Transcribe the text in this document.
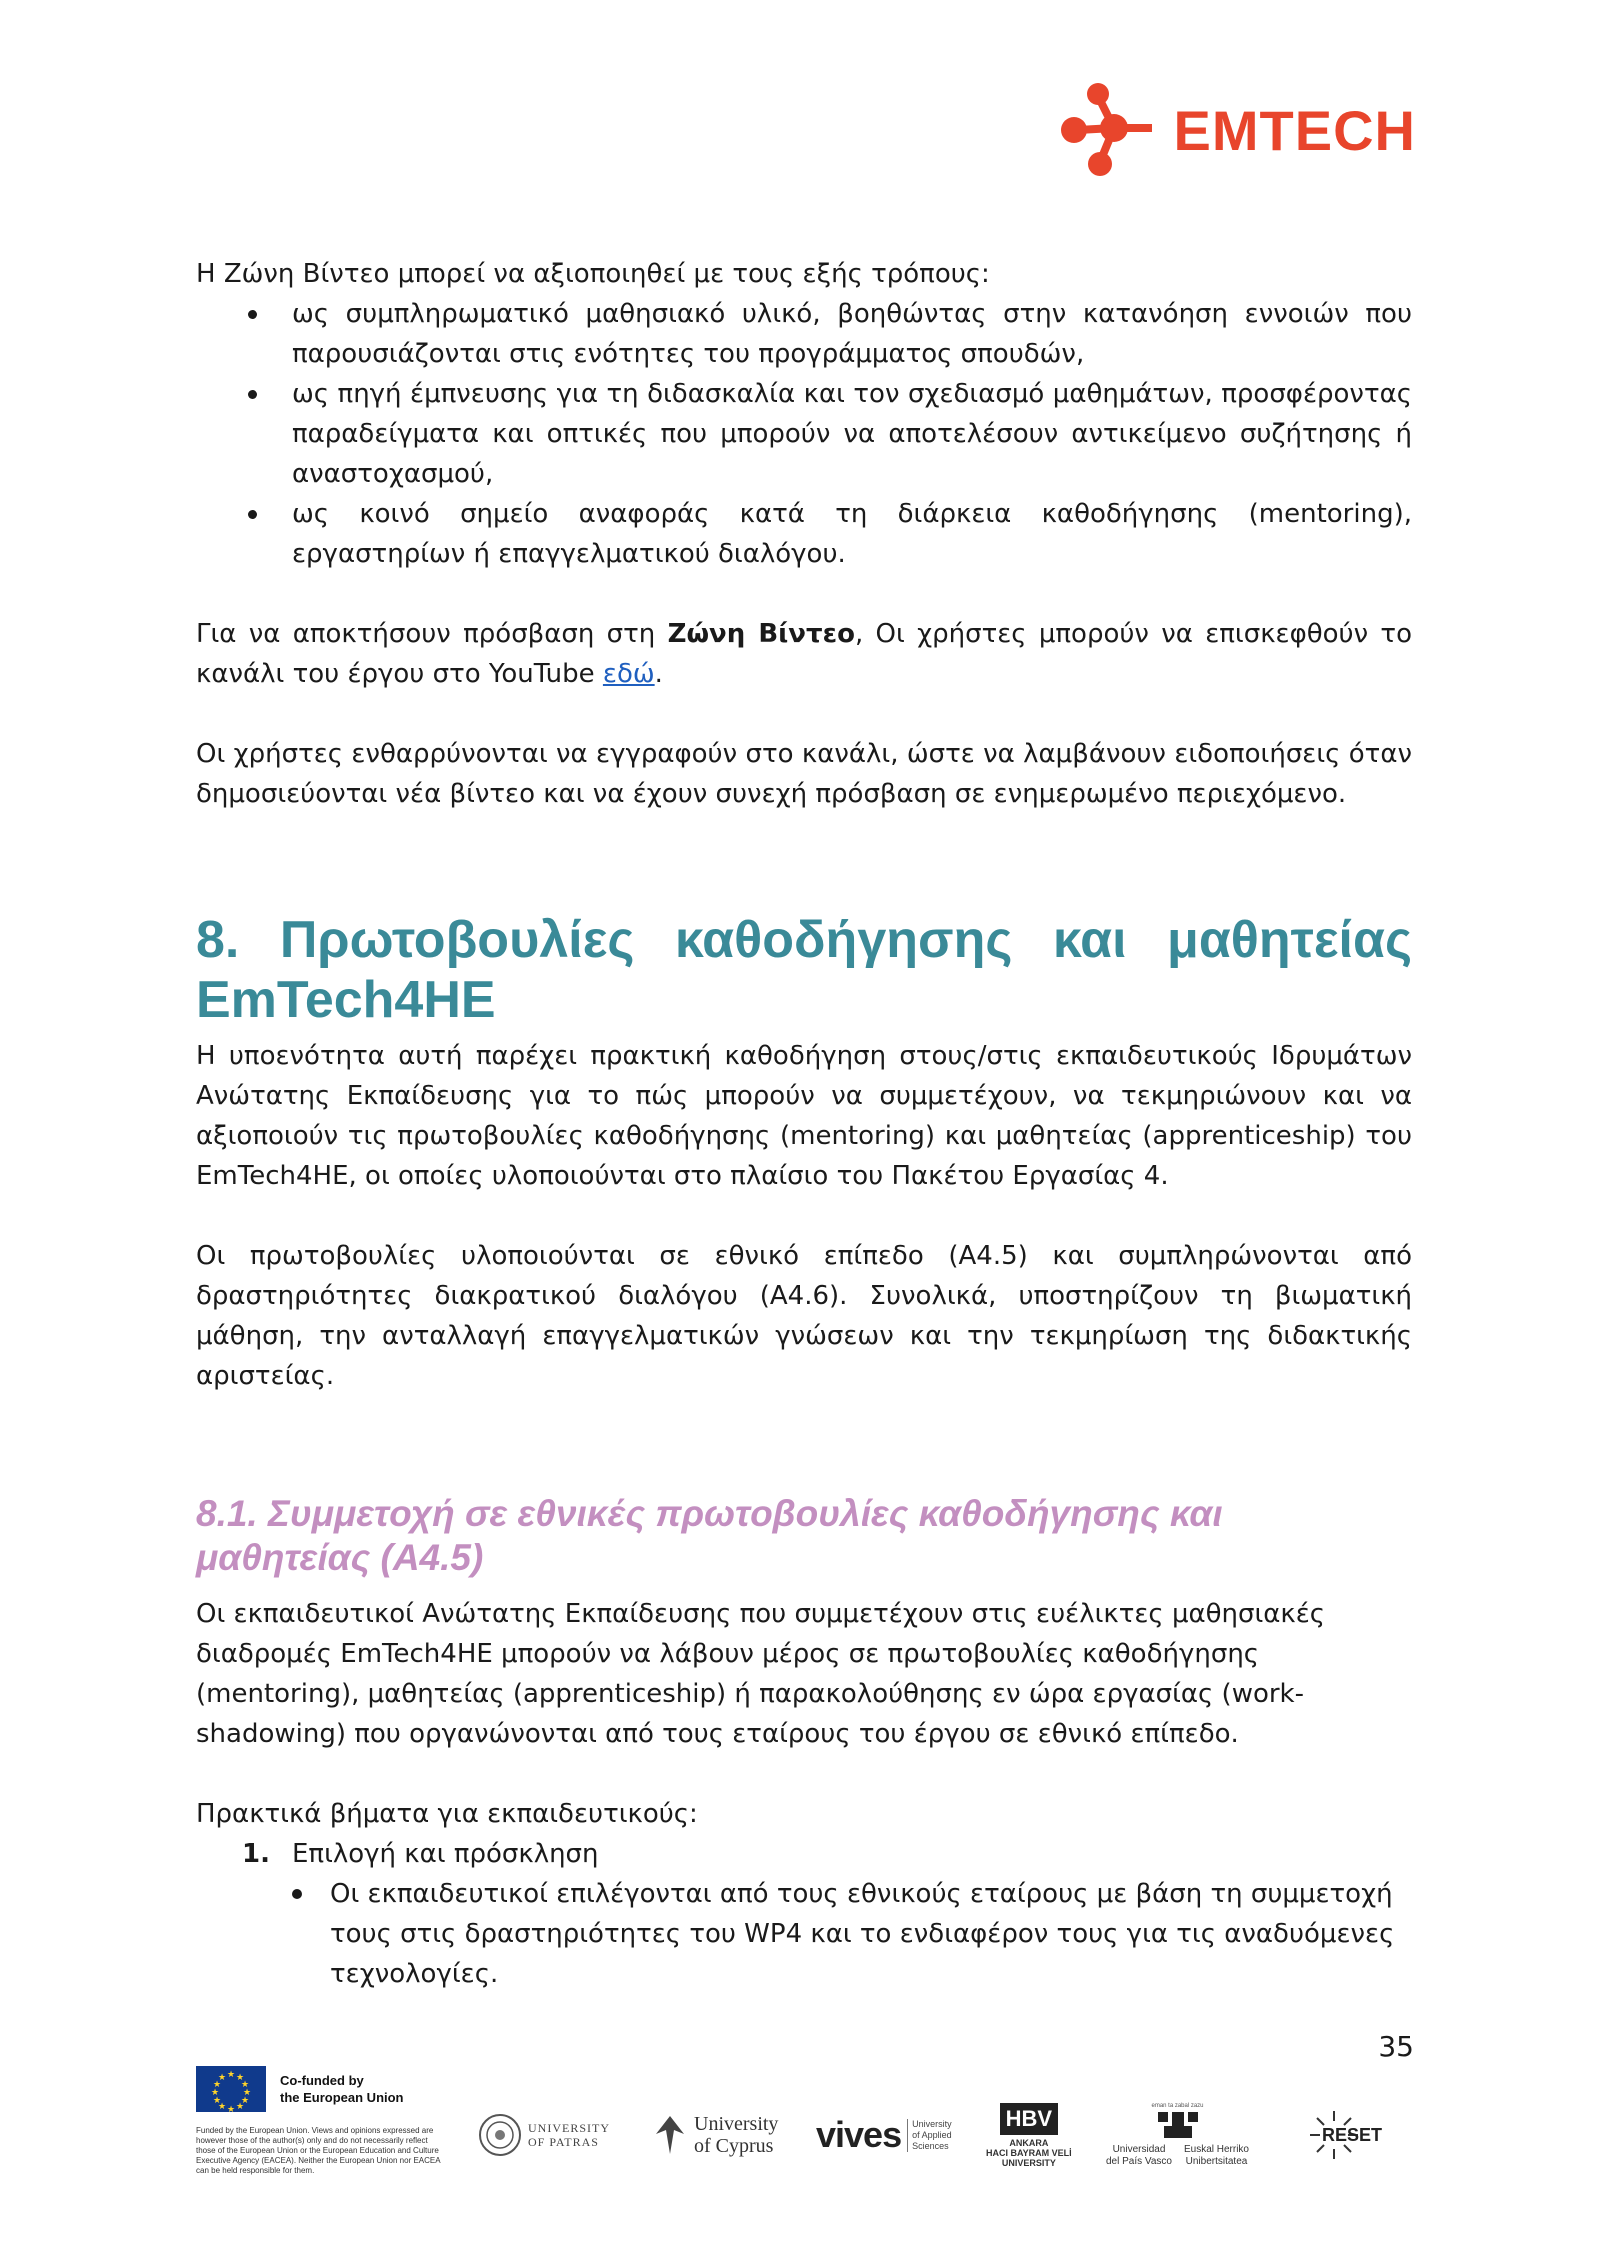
EMTECH

Η Ζώνη Βίντεο μπορεί να αξιοποιηθεί με τους εξής τρόπους:

ως συμπληρωματικό μαθησιακό υλικό, βοηθώντας στην κατανόηση εννοιών που παρουσιάζονται στις ενότητες του προγράμματος σπουδών,
ως πηγή έμπνευσης για τη διδασκαλία και τον σχεδιασμό μαθημάτων, προσφέροντας παραδείγματα και οπτικές που μπορούν να αποτελέσουν αντικείμενο συζήτησης ή αναστοχασμού,
ως κοινό σημείο αναφοράς κατά τη διάρκεια καθοδήγησης (mentoring), εργαστηρίων ή επαγγελματικού διαλόγου.

Για να αποκτήσουν πρόσβαση στη Ζώνη Βίντεο, Οι χρήστες μπορούν να επισκεφθούν το κανάλι του έργου στο YouTube εδώ.

Οι χρήστες ενθαρρύνονται να εγγραφούν στο κανάλι, ώστε να λαμβάνουν ειδοποιήσεις όταν δημοσιεύονται νέα βίντεο και να έχουν συνεχή πρόσβαση σε ενημερωμένο περιεχόμενο.

8. Πρωτοβουλίες καθοδήγησης και μαθητείας
EmTech4HE

Η υποενότητα αυτή παρέχει πρακτική καθοδήγηση στους/στις εκπαιδευτικούς Ιδρυμάτων Ανώτατης Εκπαίδευσης για το πώς μπορούν να συμμετέχουν, να τεκμηριώνουν και να αξιοποιούν τις πρωτοβουλίες καθοδήγησης (mentoring) και μαθητείας (apprenticeship) του EmTech4HE, οι οποίες υλοποιούνται στο πλαίσιο του Πακέτου Εργασίας 4.

Οι πρωτοβουλίες υλοποιούνται σε εθνικό επίπεδο (A4.5) και συμπληρώνονται από δραστηριότητες διακρατικού διαλόγου (A4.6). Συνολικά, υποστηρίζουν τη βιωματική μάθηση, την ανταλλαγή επαγγελματικών γνώσεων και την τεκμηρίωση της διδακτικής αριστείας.

8.1. Συμμετοχή σε εθνικές πρωτοβουλίες καθοδήγησης και
μαθητείας (A4.5)

Οι εκπαιδευτικοί Ανώτατης Εκπαίδευσης που συμμετέχουν στις ευέλικτες μαθησιακές

διαδρομές EmTech4HE μπορούν να λάβουν μέρος σε πρωτοβουλίες καθοδήγησης

(mentoring), μαθητείας (apprenticeship) ή παρακολούθησης εν ώρα εργασίας (work-

shadowing) που οργανώνονται από τους εταίρους του έργου σε εθνικό επίπεδο.

Πρακτικά βήματα για εκπαιδευτικούς:

1. Επιλογή και πρόσκληση
Οι εκπαιδευτικοί επιλέγονται από τους εθνικούς εταίρους με βάση τη συμμετοχή
τους στις δραστηριότητες του WP4 και το ενδιαφέρον τους για τις αναδυόμενες
τεχνολογίες.
35
★ ★
★
★
★
★
★
★
★
★
★
★	Co-funded by
the European Union
Funded by the European Union. Views and opinions expressed are however those of the author(s) only and do not necessarily reflect those of the European Union or the European Education and Culture Executive Agency (EACEA). Neither the European Union nor EACEA can be held responsible for them.
UNIVERSITY OF PATRAS
University
of Cyprus vives University
of Applied
Sciences
HBV
ANKARA
HACI BAYRAM VELİ
UNIVERSITY
eman ta zabal zazu
Universidad
del País Vasco
Euskal Herriko
Unibertsitatea
RESET
